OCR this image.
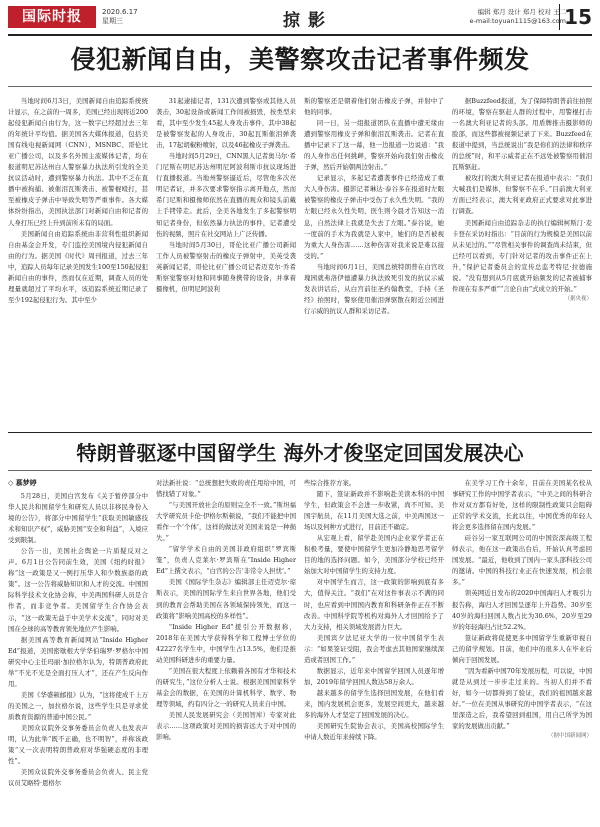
国际时报	2020.6.17
星期三	掠影	编辑 郑月 设计 郑月 校对 王二
e-mail:toyuan1115@163.com
15
侵犯新闻自由，美警察攻击记者事件频发

当地时间6月3日，美国新闻自由追踪系统统计显示，在之前的一周多，美国已经出现将近200起侵犯新闻自由行为，这一数字已经超过去三年的年统计平均值。据美国各大媒体报道，包括美国有线电视新闻网（CNN）、MSNBC、哥伦比亚广播公司，以及多名外国主流媒体记者，均在报道明尼苏达州白人警察暴力执法所引发的全美抗议活动时，遭到警察暴力执法。其中不乏在直播中被拘捕、被催泪瓦斯袭击、被警棍殴打，甚至被橡皮子弹击中导致失明等严重事件。各大媒体纷纷指出，美国执法部门对新闻自由和记者的人身打压已经上升到前所未有的局面。

美国新闻自由追踪系统由非营利性组织新闻自由基金会开发，专门监控美国境内侵犯新闻自由的行为。据美国《时代》周刊报道，过去三年中，追踪人员每年记录美国发生100至150起侵犯新闻自由的事件，然而仅在近期，调查人员的处理量就超过了平均水平，该追踪系统近期记录了至少192起侵犯行为。其中至少

31起逮捕记者，131次遭到警察或其他人员袭击，30起设备或新闻工作间被损毁，按类型来看，其中至少发生45起人身攻击事件，其中38起是被警察发起的人身攻击，30起瓦斯催泪弹袭击，17起胡椒粉喷射，以及46起橡皮子弹袭击。

当地时间5月29日，CNN黑人记者奥马尔·希门尼斯在明尼苏达州明尼阿波利斯市抗议现场进行直播报道。当地州警察逼近后，尽管他多次亮明记者证，并多次要求警察指示离开地点，然而希门尼斯和摄像师依然在直播的观众和镜头前戴上手铐带走。此后，全美各地发生了多起警察明知记者身份，但依然暴力执法的事件，记者遭受伤的视频，照片在社交网站上广泛传播。

当地时间5月30日，哥伦比亚广播公司新闻工作人员被警察射击的橡皮子弹射中，美英受袭英新闻记者，哥伦比亚广播公司记者迈克尔·乔希斯察觉警察对他和同事随身携带的设备，并拿着摄像机，但明尼阿波利

斯的警察还是朝着他们射击橡皮子弹，并射中了他的同事。

同一日，另一组报道团队在直播中遭无缘由遭到警察用橡皮子弹和催泪瓦斯袭击。记者在直播中记录下了这一幕，他一边报道一边说道：“我的人身作出任何挑衅，警察开始向我们射击橡皮子弹，然后开始朝两边射击。”

记录显示，多起记者遭袭事件已经造成了重大人身伤害。摄影记者琳达·泰谷多在报道时左眼被警察的橡皮子弹击中受伤了永久性失明。“我的左眼已经永久性失明，医生则今晨才告知这一消息，自然法律上我就是失去了左眼。”泰谷说，她一度前的手术为我就是人家中，她们的是否被视为重大人身伤害……这种伤害对我来说是难以接受的。”

当地时间6月1日，美国总统特朗普在白宫玫瑰园就弗洛伊德遭暴力执法致死引发的抗议示威发表讲话后，从白宫前往圣约翰教堂，手持《圣经》拍照时，警察使用催泪弹驱散在附近公园进行示威的抗议人群和采访记者。

据Buzzfeed报道，为了保障特朗普前往拍照的环境，警察在驱赶人群的过程中，用警棍打击一名澳大利亚记者的头部。用盾牌推击摄影师的脸部，而这些都被视频记录了下来。Buzzfeed在报道中提到，当总统说出“我是你们的法律和秩序的总统”时，和平示威者正在不远处被警察用催泪瓦斯驱赶。

被攻打的澳大利亚记者在报道中表示：“我们大喊我们是媒体，但警察不在乎。”目前澳大利亚方面已经表示，澳大利亚政府正式要求对此事进行调查。

美国新闻自由追踪杂志的执行编辑柯斯汀·麦卡登在采访时指出：“目前的行为规模是美国以前从未见过的。”“尽管相关事件的调查尚未结束，但已经可以看到，专门针对记者的攻击事件正在上升，”保护记者委员会的宣传总监考特尼·拉德施说。“没有想到从5月底就开始频发的记者被捕事件现在有多严重”“言论自由”式成立的开始。”

（据央视）
特朗普驱逐中国留学生 海外才俊坚定回国发展决心
◇ 慕梦婷

5月28日，美国白宫发布《关于暂停部分中华人民共和国留学生和研究人员以非移民身份入境的公告》，将部分中国留学生“获取美国敏感技术和知识产权”，威胁美国“安全和利益”，入境应受到限制。

公告一出，美国社会舆论一片质疑反对之声。6月1日公告同前生效，美国《纽约时报》称“这一政策是又一例打压华人和少数族裔的政策”。这一公告将威胁知识和人才的交流。中国国际科学技术文化协会称，中美两国科研人员是合作者，而非竞争者。美国留学生合作协会表示，“这一政策无益于中美学术交流”，同时对美国在全球的高等教育领先地位产生影响。

据美国高等教育新闻网站“Inside Higher Ed”报道，美国密歇根大学华伯瑞罗·罗格尔中国研究中心主任玛丽·加拉格尔认为，特朗普政府此举“不光不光是全面打压人才”，还在产生反向作用。

美国《华盛顿邮报》认为，“这将使成千上万的美国之一，加拉格尔说，这些学生只是寻求优质教育资源的普通中国公民。”

美国众议院外交事务委员会负责人也发表声明，认为此举“既不正确，也不明智”，并称该政策“又一次表明特朗普政府对华强硬态度的非理性”。

美国众议院外交事务委员会负责人、民主党议员艾略特·恩格尔

对法新社说：“总统想把失败的责任甩给中国，可惜找错了对象。”

“与美国开放社会的原则完全不一致。”斯坦福大学研究员卡伦·伊格尔斯顿说，“我们不能把中国看作一个‘个体’，这样的做法对美国来说是一种损失。”

“留学学术自由的美国非政府组织“罗宾斯笼”，负责人克莱尔·罗宾斯在“Inside Higher Ed”上撰文表示，“白宫的公告‘非常令人担忧’。”

美国《国际学生杂志》编辑部主任迈克尔·琼斯表示，美国的国际学生来自世界各地，他们受到的教育会帮助美国在各领域保持领先，而这一政策将“影响美国高校的多样性”。

“Inside Higher Ed”援引公开数据称，2018年在美国大学获得科学和工程博士学位的42227名学生中，中国学生占13.5%，他们是推动美国科研进步的重要力量。

“美国在很大程度上依赖着各国有才华和技术的研究生，”这位分析人士说。根据美国国家科学基金会的数据，在美国的计算机科学、数学、物理等领域，约有四分之一的研究人员来自中国。

美国人民发展研究会（美国智库）专家对此表示……这项政策对美国的损害远大于对中国的影响。

些综合推荐方案。

随下，签证新政并不影响赴美读本科的中国学生，但政策会不会进一步收紧，尚不可知。美国宇航员，在11月美国大选之前，中美两国这一场以及何种方式进行，目前还不确定。

从宏观上看，留学赴美国内企业家学者正在积极考量，要使中国留学生更加冷静地思考留学目的地的选择问题。如今，美国部分学校已经开始加大对中国留学生的支持力度。

对中国学生而言，这一政策的影响到底有多大，值得关注。“我们”在对这件事表示不满的同时，也应看到中国国内教育和科研条件正在不断改善。中国科学院等机构对海外人才回国给予了大力支持，相关领域发展潜力巨大。

美国宾夕法尼亚大学的一位中国留学生表示：“如果签证受阻，我会考虑去其他国家继续深造或者回国工作。”

数据显示，近年来中国留学回国人员逐年增加，2019年留学回国人数达58万余人。

越来越多的留学生选择回国发展，在他们看来，国内发展机会更多，发展空间更大，越来越多的海外人才坚定了回国发展的决心。

美国研究生院协会表示，美国高校国际学生申请人数近年来持续下降。

在美学习工作十余年，目前在美国某名校从事研究工作的中国学者表示，“中美之间的科研合作对双方都有好处，这样的限制性政策只会阻碍正常的学术交流，长此以往，中国优秀的年轻人将会更多选择留在国内发展。”

硅谷另一家互联网公司的中国资深高级工程师表示，他在这一政策出台后，开始认真考虑回国发展。“最近，他收到了国内一家头部科技公司的邀请。中国的科技行业正在快速发展，机会很多。”

领英网近日发布的2020中国海归人才吸引力报告称，海归人才回国呈逐年上升趋势。30岁至40岁的海归回国人数占比为30.6%，20岁至29岁的年轻海归占比52.2%。

签证新政将促使更多中国留学生重新审视自己的留学规划。目前，他们中的很多人在毕业后倾向于回国发展。

“因为看新中国70年发展历程，可以说，中国就是从到过一步步走过来的。当初人们并不看好，如今一切都得到了验证，我们的祖国越来越好。”一位在美国从事研究的中国学者表示，“在这里深造之后，我希望回到祖国，用自己所学为国家的发展做出贡献。”

（据中国新闻网）
